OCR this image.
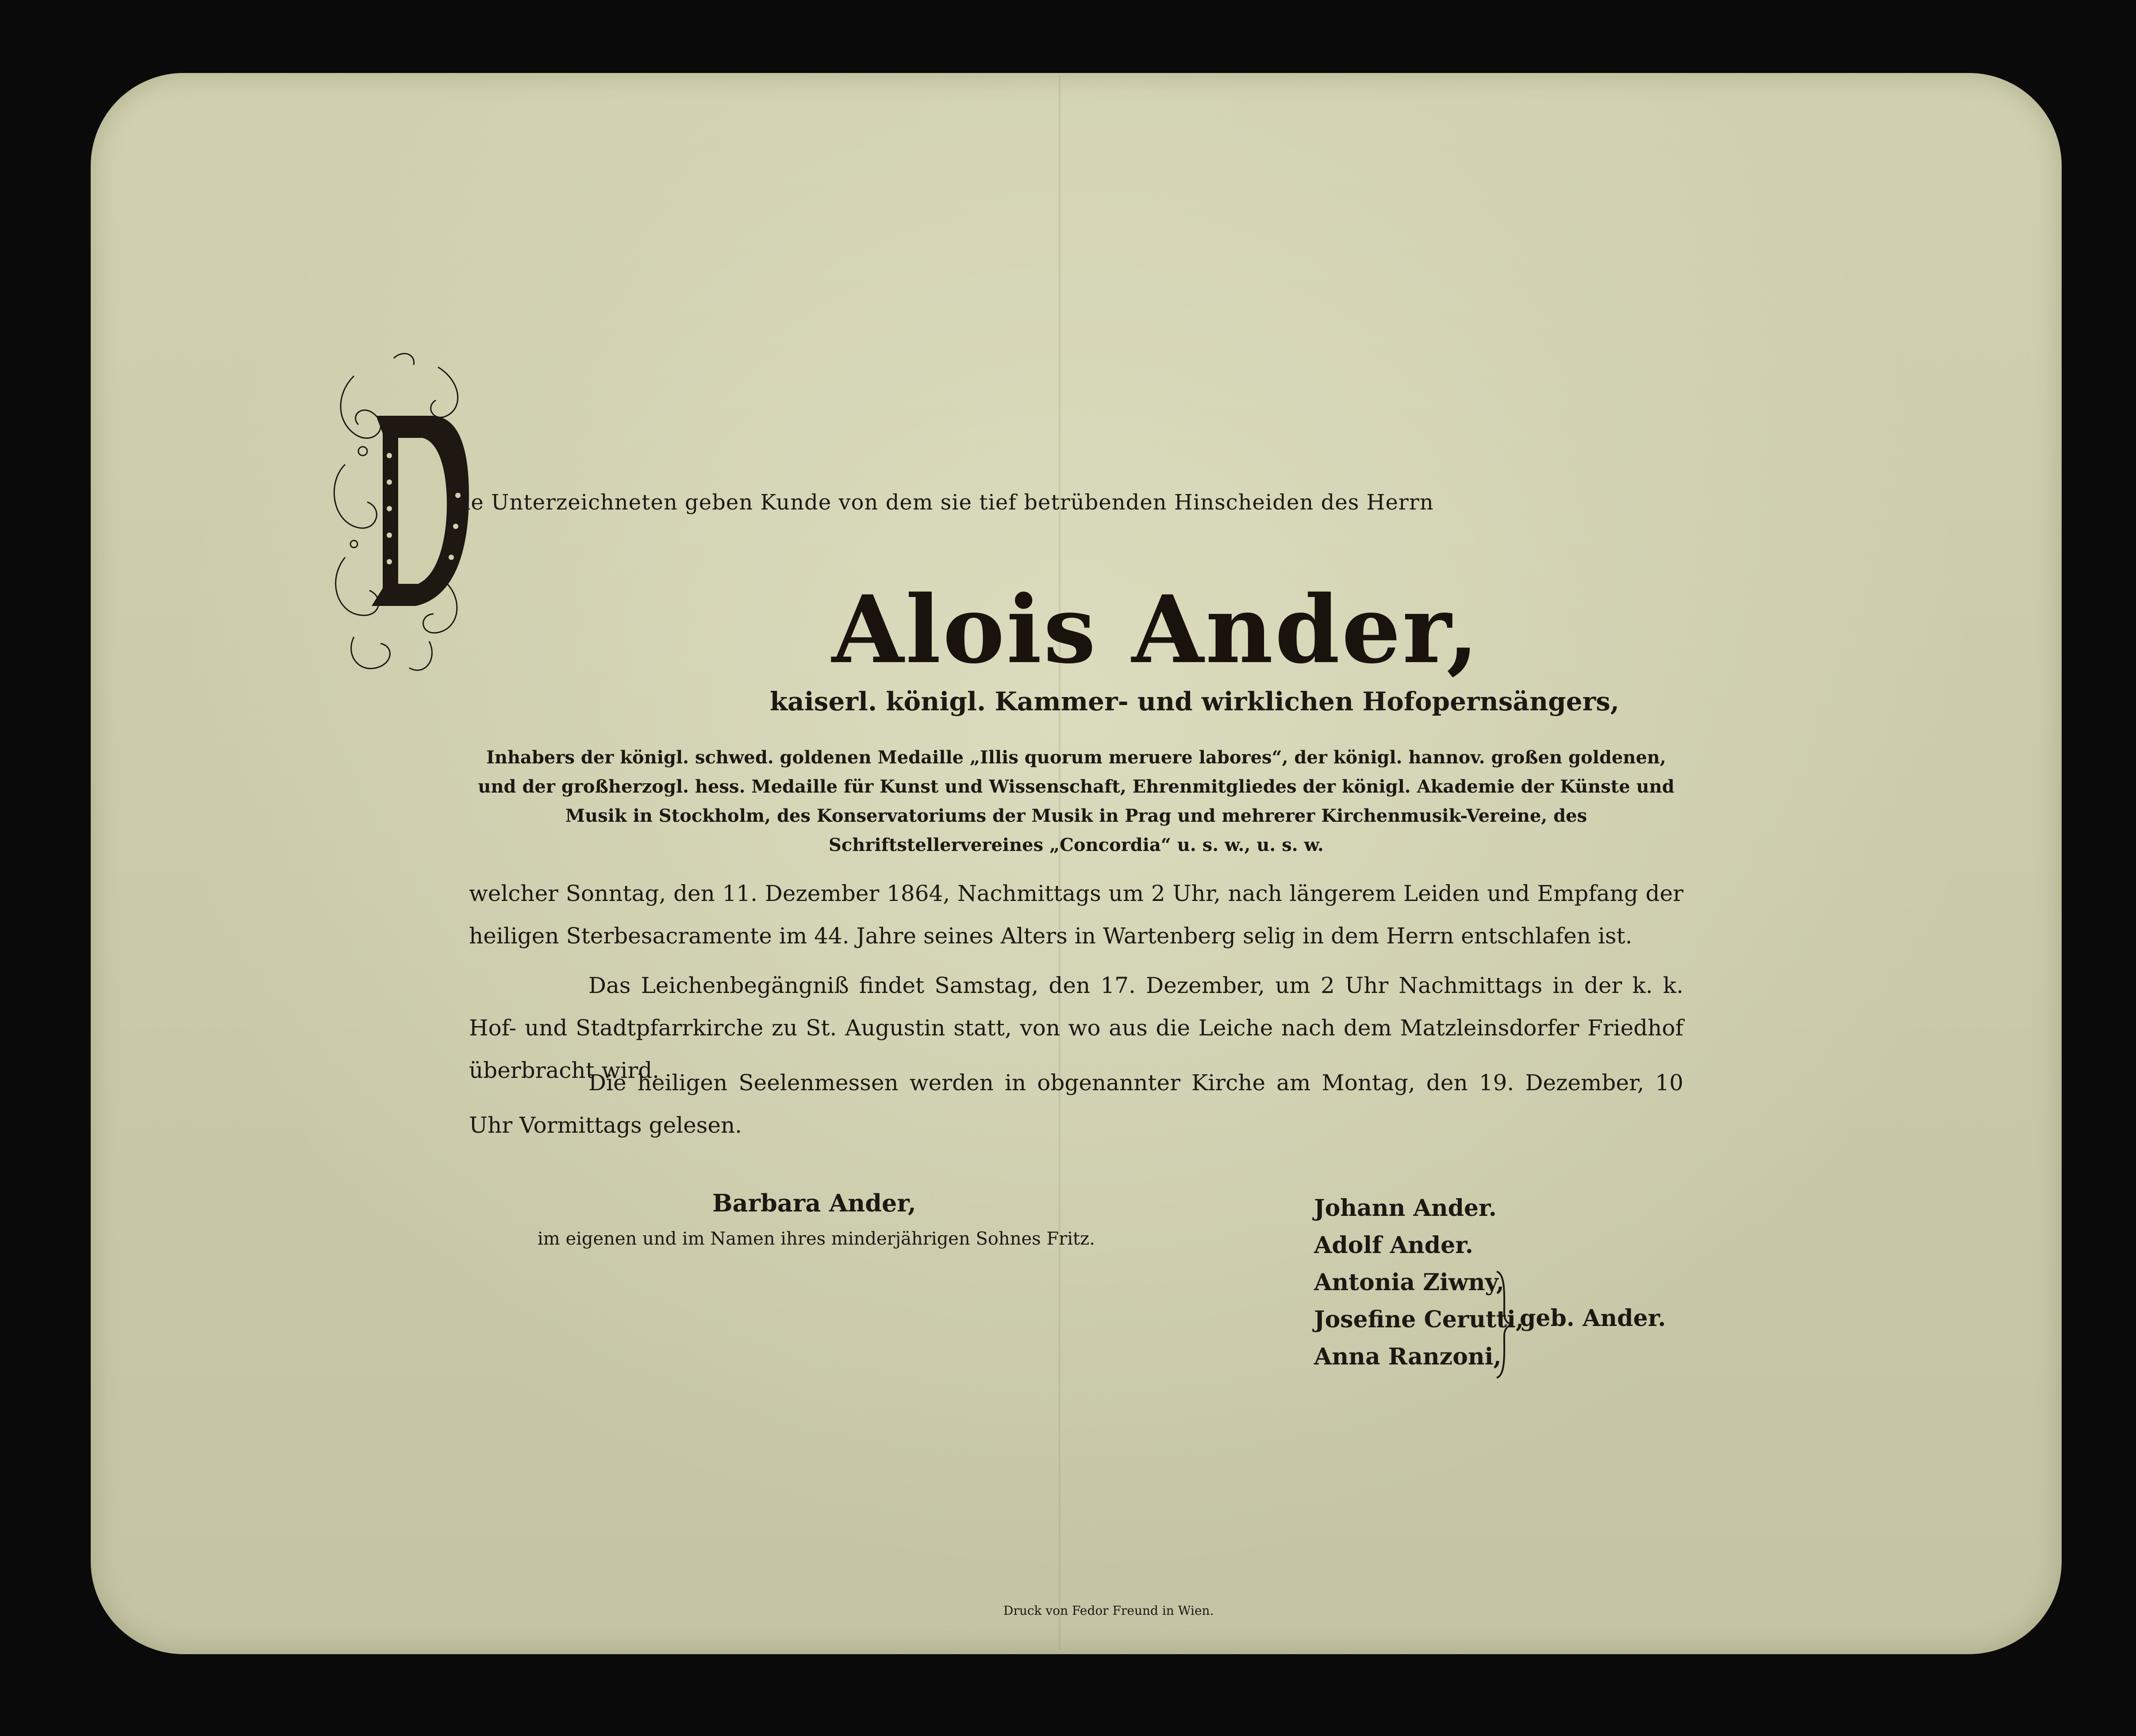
ie Unterzeichneten geben Kunde von dem sie tief betrübenden Hinscheiden des Herrn
Alois Ander,
kaiserl. königl. Kammer- und wirklichen Hofopernsängers,
Inhabers der königl. schwed. goldenen Medaille „Illis quorum meruere labores“, der königl. hannov. großen goldenen, und der großherzogl. hess. Medaille für Kunst und Wissenschaft, Ehrenmitgliedes der königl. Akademie der Künste und Musik in Stockholm, des Konservatoriums der Musik in Prag und mehrerer Kirchenmusik-Vereine, des Schriftstellervereines „Concordia“ u. s. w., u. s. w.
welcher Sonntag, den 11. Dezember 1864, Nachmittags um 2 Uhr, nach längerem Leiden und Empfang der heiligen Sterbesacramente im 44. Jahre seines Alters in Wartenberg selig in dem Herrn entschlafen ist.
Das Leichenbegängniß findet Samstag, den 17. Dezember, um 2 Uhr Nachmittags in der k. k. Hof- und Stadtpfarrkirche zu St. Augustin statt, von wo aus die Leiche nach dem Matzleinsdorfer Friedhof überbracht wird.
Die heiligen Seelenmessen werden in obgenannter Kirche am Montag, den 19. Dezember, 10 Uhr Vormittags gelesen.
Barbara Ander,
im eigenen und im Namen ihres minderjährigen Sohnes Fritz.
Johann Ander.
Adolf Ander.
Antonia Ziwny,
Josefine Cerutti,
Anna Ranzoni,
geb. Ander.
Druck von Fedor Freund in Wien.
